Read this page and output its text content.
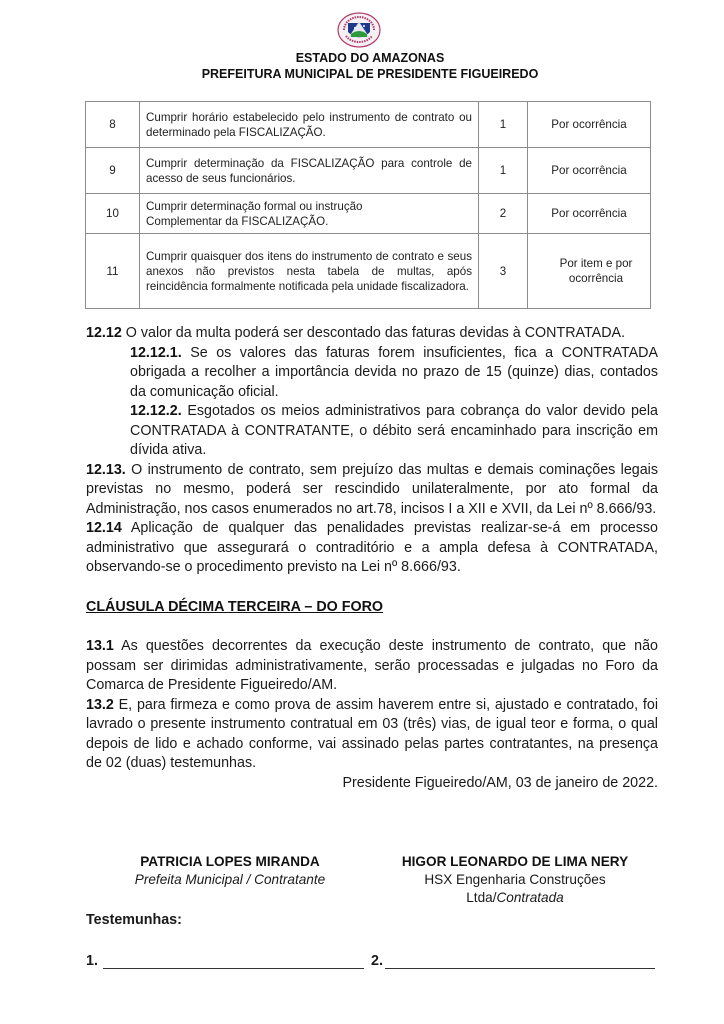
ESTADO DO AMAZONAS
PREFEITURA MUNICIPAL DE PRESIDENTE FIGUEIREDO
8	Cumprir horário estabelecido pelo instrumento de contrato ou determinado pela FISCALIZAÇÃO.	1	Por ocorrência
9	Cumprir determinação da FISCALIZAÇÃO para controle de acesso de seus funcionários.	1	Por ocorrência
10	Cumprir determinação formal ou instrução
Complementar da FISCALIZAÇÃO.	2	Por ocorrência
11	Cumprir quaisquer dos itens do instrumento de contrato e seus anexos não previstos nesta tabela de multas, após reincidência formalmente notificada pela unidade fiscalizadora.	3	Por item e por
ocorrência

12.12 O valor da multa poderá ser descontado das faturas devidas à CONTRATADA.

12.12.1. Se os valores das faturas forem insuficientes, fica a CONTRATADA obrigada a recolher a importância devida no prazo de 15 (quinze) dias, contados da comunicação oficial.

12.12.2. Esgotados os meios administrativos para cobrança do valor devido pela CONTRATADA à CONTRATANTE, o débito será encaminhado para inscrição em dívida ativa.

12.13. O instrumento de contrato, sem prejuízo das multas e demais cominações legais previstas no mesmo, poderá ser rescindido unilateralmente, por ato formal da Administração, nos casos enumerados no art.78, incisos I a XII e XVII, da Lei nº 8.666/93.

12.14 Aplicação de qualquer das penalidades previstas realizar-se-á em processo administrativo que assegurará o contraditório e a ampla defesa à CONTRATADA, observando-se o procedimento previsto na Lei nº 8.666/93.

CLÁUSULA DÉCIMA TERCEIRA – DO FORO

13.1 As questões decorrentes da execução deste instrumento de contrato, que não possam ser dirimidas administrativamente, serão processadas e julgadas no Foro da Comarca de Presidente Figueiredo/AM.

13.2 E, para firmeza e como prova de assim haverem entre si, ajustado e contratado, foi lavrado o presente instrumento contratual em 03 (três) vias, de igual teor e forma, o qual depois de lido e achado conforme, vai assinado pelas partes contratantes, na presença de 02 (duas) testemunhas.

Presidente Figueiredo/AM, 03 de janeiro de 2022.
PATRICIA LOPES MIRANDA
Prefeita Municipal / Contratante
HIGOR LEONARDO DE LIMA NERY
HSX Engenharia Construções
Ltda/Contratada
Testemunhas:
1.	2.
